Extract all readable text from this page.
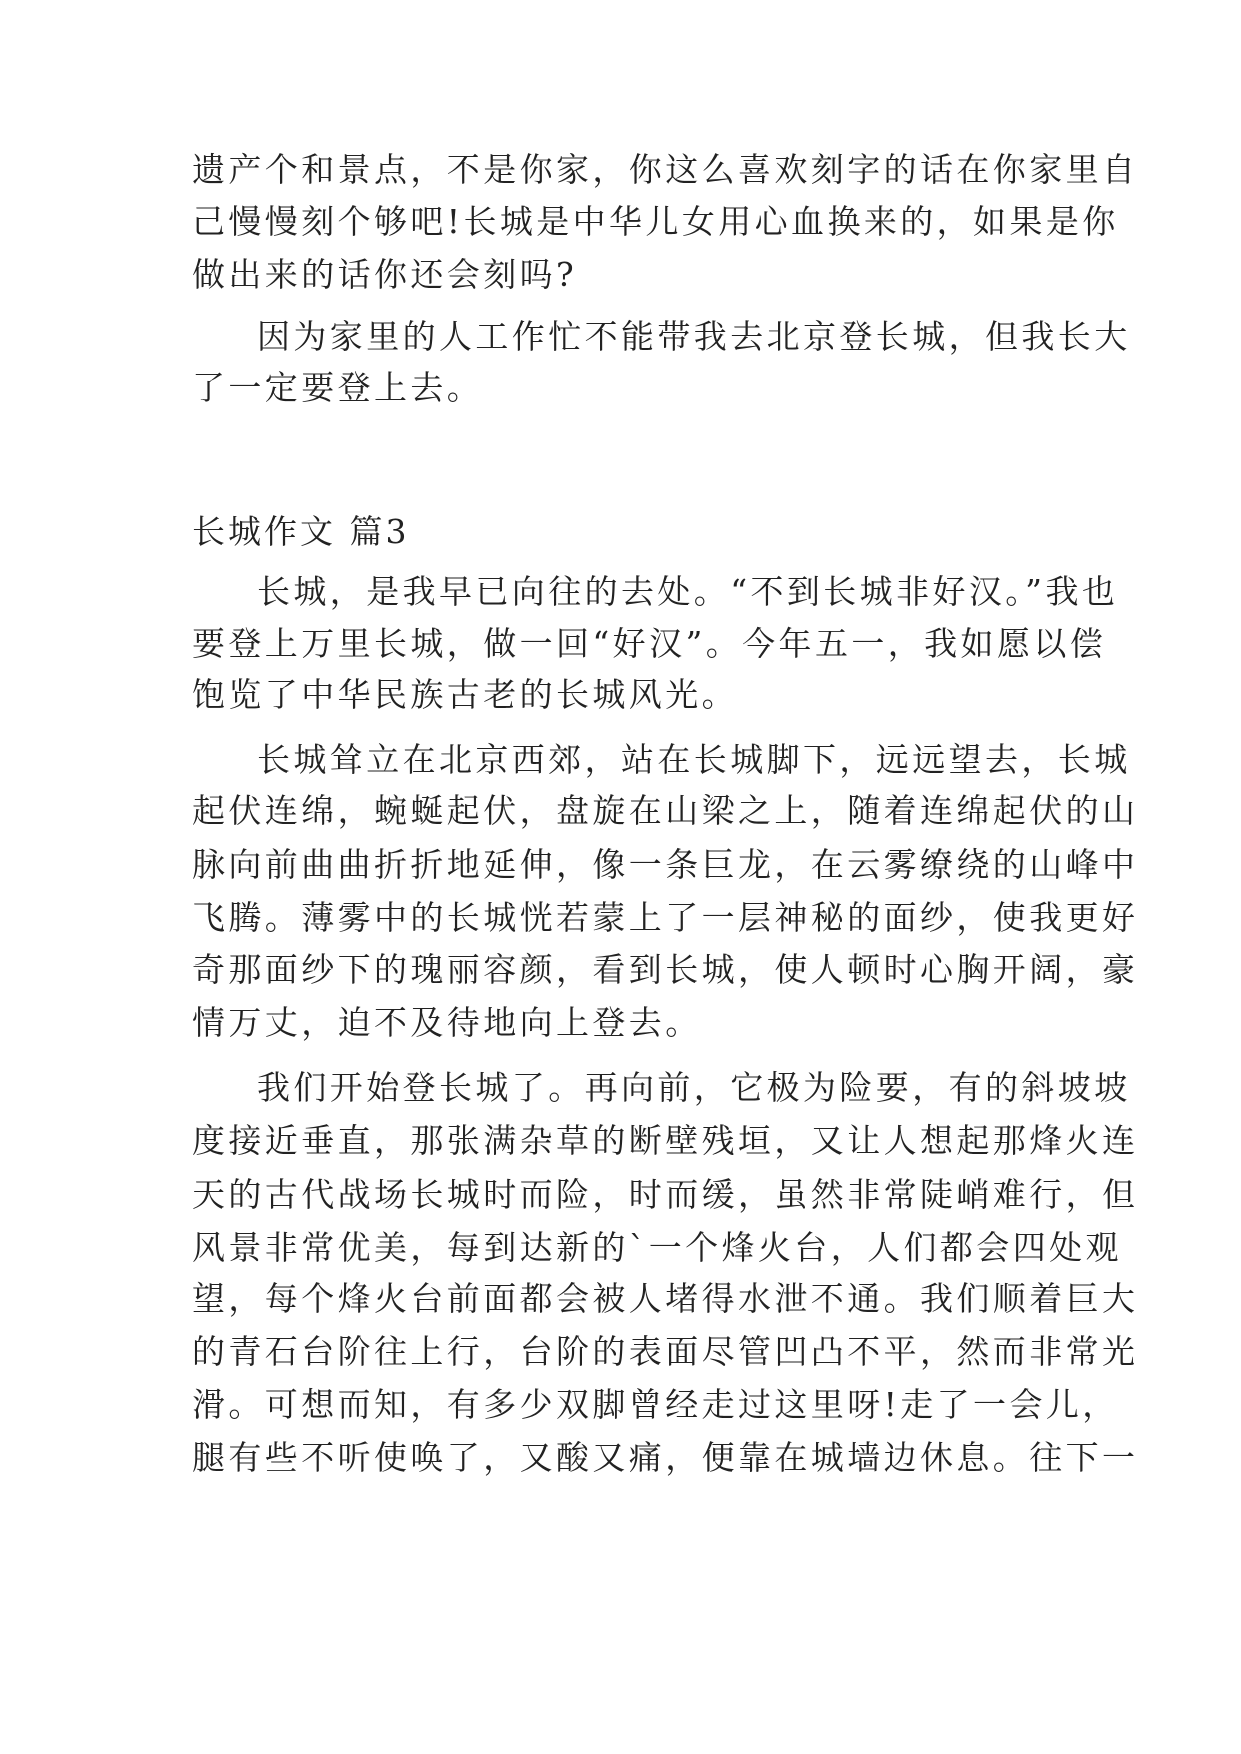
遗产个和景点，不是你家，你这么喜欢刻字的话在你家里自
己慢慢刻个够吧!长城是中华儿女用心血换来的，如果是你
做出来的话你还会刻吗?
因为家里的人工作忙不能带我去北京登长城，但我长大
了一定要登上去。
长城作文 篇3
长城，是我早已向往的去处。“不到长城非好汉。”我也
要登上万里长城，做一回“好汉”。今年五一，我如愿以偿
饱览了中华民族古老的长城风光。
长城耸立在北京西郊，站在长城脚下，远远望去，长城
起伏连绵，蜿蜒起伏，盘旋在山梁之上，随着连绵起伏的山
脉向前曲曲折折地延伸，像一条巨龙，在云雾缭绕的山峰中
飞腾。薄雾中的长城恍若蒙上了一层神秘的面纱，使我更好
奇那面纱下的瑰丽容颜，看到长城，使人顿时心胸开阔，豪
情万丈，迫不及待地向上登去。
我们开始登长城了。再向前，它极为险要，有的斜坡坡
度接近垂直，那张满杂草的断壁残垣，又让人想起那烽火连
天的古代战场长城时而险，时而缓，虽然非常陡峭难行，但
风景非常优美，每到达新的`一个烽火台，人们都会四处观
望，每个烽火台前面都会被人堵得水泄不通。我们顺着巨大
的青石台阶往上行，台阶的表面尽管凹凸不平，然而非常光
滑。可想而知，有多少双脚曾经走过这里呀!走了一会儿，
腿有些不听使唤了，又酸又痛，便靠在城墙边休息。往下一
